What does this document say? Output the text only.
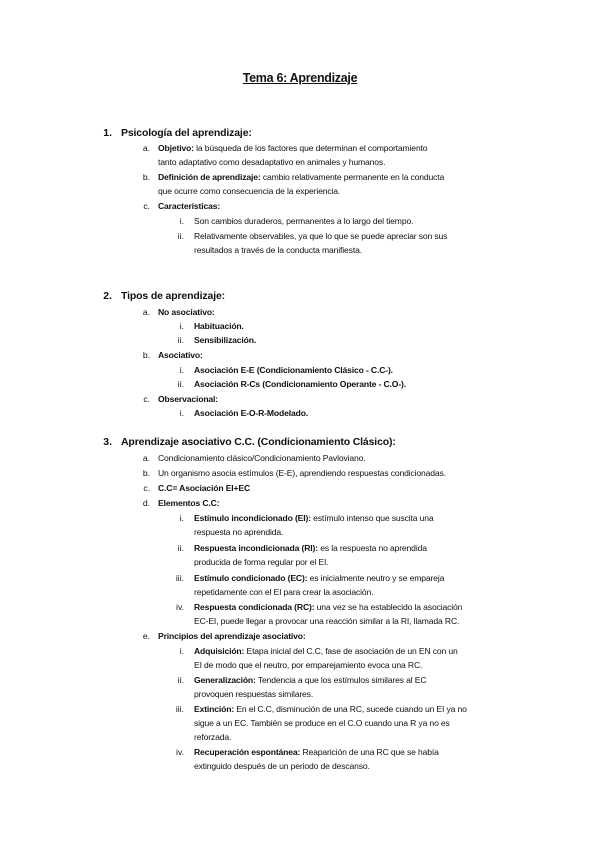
Tema 6: Aprendizaje
1. Psicología del aprendizaje:
a. Objetivo: la búsqueda de los factores que determinan el comportamiento
tanto adaptativo como desadaptativo en animales y humanos.
b. Definición de aprendizaje: cambio relativamente permanente en la conducta
que ocurre como consecuencia de la experiencia.
c. Características:
i. Son cambios duraderos, permanentes a lo largo del tiempo.
ii. Relativamente observables, ya que lo que se puede apreciar son sus
resultados a través de la conducta manifiesta.
2. Tipos de aprendizaje:
a. No asociativo:
i. Habituación.
ii. Sensibilización.
b. Asociativo:
i. Asociación E-E (Condicionamiento Clásico - C.C-).
ii. Asociación R-Cs (Condicionamiento Operante - C.O-).
c. Observacional:
i. Asociación E-O-R-Modelado.
3. Aprendizaje asociativo C.C. (Condicionamiento Clásico):
a. Condicionamiento clásico/Condicionamiento Pavloviano.
b. Un organismo asocia estímulos (E-E), aprendiendo respuestas condicionadas.
c. C.C= Asociación EI+EC
d. Elementos C.C:
i. Estímulo incondicionado (EI): estímulo intenso que suscita una
respuesta no aprendida.
ii. Respuesta incondicionada (RI): es la respuesta no aprendida
producida de forma regular por el EI.
iii. Estímulo condicionado (EC): es inicialmente neutro y se empareja
repetidamente con el EI para crear la asociación.
iv. Respuesta condicionada (RC): una vez se ha establecido la asociación
EC-EI, puede llegar a provocar una reacción similar a la RI, llamada RC.
e. Principios del aprendizaje asociativo:
i. Adquisición: Etapa inicial del C.C, fase de asociación de un EN con un
EI de modo que el neutro, por emparejamiento evoca una RC.
ii. Generalización: Tendencia a que los estímulos similares al EC
provoquen respuestas similares.
iii. Extinción: En el C.C, disminución de una RC, sucede cuando un EI ya no
sigue a un EC. También se produce en el C.O cuando una R ya no es
reforzada.
iv. Recuperación espontánea: Reaparición de una RC que se había
extinguido después de un periodo de descanso.
